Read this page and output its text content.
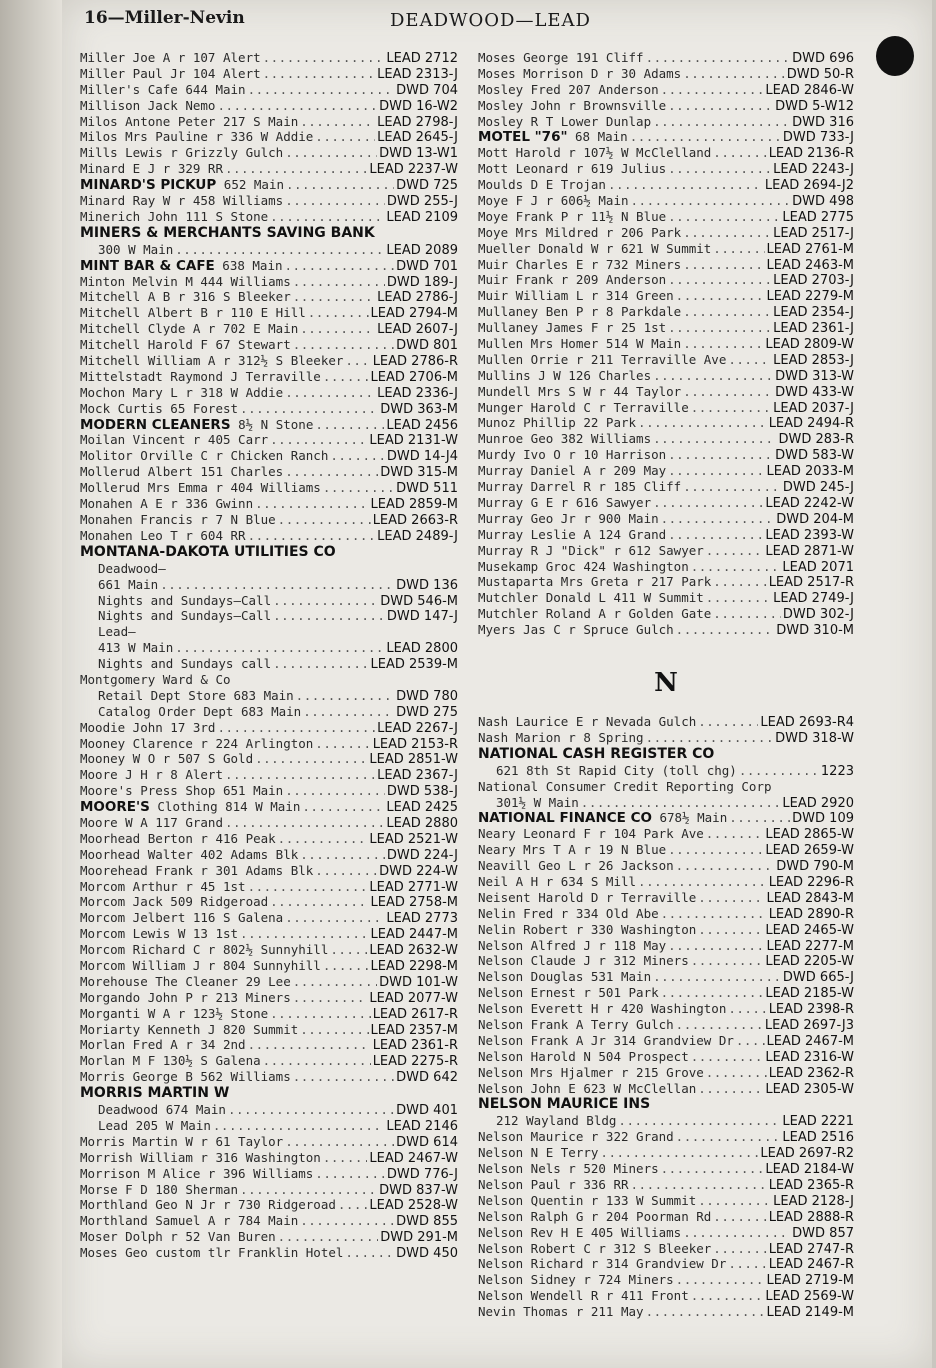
16—Miller-Nevin	DEADWOOD—LEAD
Miller Joe A r 107 Alert .....	LEAD 2712
Miller Paul Jr 104 Alert .....	LEAD 2313-J
Miller's Cafe 644 Main .....	DWD 704
Millison Jack Nemo .....	DWD 16-W2
Milos Antone Peter 217 S Main .....	LEAD 2798-J
Milos Mrs Pauline r 336 W Addie .....	LEAD 2645-J
Mills Lewis r Grizzly Gulch .....	DWD 13-W1
Minard E J r 329 RR .....	LEAD 2237-W
MINARD'S PICKUP 652 Main .....	DWD 725
Minard Ray W r 458 Williams .....	DWD 255-J
Minerich John 111 S Stone .....	LEAD 2109
MINERS & MERCHANTS SAVING BANK
300 W Main .....	LEAD 2089
MINT BAR & CAFE 638 Main .....	DWD 701
Minton Melvin M 444 Williams .....	DWD 189-J
Mitchell A B r 316 S Bleeker .....	LEAD 2786-J
Mitchell Albert B r 110 E Hill .....	LEAD 2794-M
Mitchell Clyde A r 702 E Main .....	LEAD 2607-J
Mitchell Harold F 67 Stewart .....	DWD 801
Mitchell William A r 312½ S Bleeker ..... LEAD 2786-R
Mittelstadt Raymond J Terraville .....	LEAD 2706-M
Mochon Mary L r 318 W Addie .....	LEAD 2336-J
Mock Curtis 65 Forest .....	DWD 363-M
MODERN CLEANERS 8½ N Stone .....	LEAD 2456
Moilan Vincent r 405 Carr .....	LEAD 2131-W
Molitor Orville C r Chicken Ranch .....	DWD 14-J4
Mollerud Albert 151 Charles .....	DWD 315-M
Mollerud Mrs Emma r 404 Williams .....	DWD 511
Monahen A E r 336 Gwinn .....	LEAD 2859-M
Monahen Francis r 7 N Blue .....	LEAD 2663-R
Monahen Leo T r 604 RR .....	LEAD 2489-J
MONTANA-DAKOTA UTILITIES CO
Deadwood—
661 Main .....	DWD 136
Nights and Sundays—Call .....	DWD 546-M
Nights and Sundays—Call .....	DWD 147-J
Lead—
413 W Main .....	LEAD 2800
Nights and Sundays call .....	LEAD 2539-M
Montgomery Ward & Co
Retail Dept Store 683 Main .....	DWD 780
Catalog Order Dept 683 Main .....	DWD 275
Moodie John 17 3rd .....	LEAD 2267-J
Mooney Clarence r 224 Arlington .....	LEAD 2153-R
Mooney W O r 507 S Gold .....	LEAD 2851-W
Moore J H r 8 Alert .....	LEAD 2367-J
Moore's Press Shop 651 Main .....	DWD 538-J
MOORE'S Clothing 814 W Main .....	LEAD 2425
Moore W A 117 Grand .....	LEAD 2880
Moorhead Berton r 416 Peak .....	LEAD 2521-W
Moorhead Walter 402 Adams Blk .....	DWD 224-J
Moorehead Frank r 301 Adams Blk .....	DWD 224-W
Morcom Arthur r 45 1st .....	LEAD 2771-W
Morcom Jack 509 Ridgeroad .....	LEAD 2758-M
Morcom Jelbert 116 S Galena .....	LEAD 2773
Morcom Lewis W 13 1st .....	LEAD 2447-M
Morcom Richard C r 802½ Sunnyhill .....	LEAD 2632-W
Morcom William J r 804 Sunnyhill .....	LEAD 2298-M
Morehouse The Cleaner 29 Lee .....	DWD 101-W
Morgando John P r 213 Miners .....	LEAD 2077-W
Morganti W A r 123½ Stone .....	LEAD 2617-R
Moriarty Kenneth J 820 Summit .....	LEAD 2357-M
Morlan Fred A r 34 2nd .....	LEAD 2361-R
Morlan M F 130½ S Galena .....	LEAD 2275-R
Morris George B 562 Williams .....	DWD 642
MORRIS MARTIN W
Deadwood 674 Main .....	DWD 401
Lead 205 W Main .....	LEAD 2146
Morris Martin W r 61 Taylor .....	DWD 614
Morrish William r 316 Washington .....	LEAD 2467-W
Morrison M Alice r 396 Williams .....	DWD 776-J
Morse F D 180 Sherman .....	DWD 837-W
Morthland Geo N Jr r 730 Ridgeroad .....	LEAD 2528-W
Morthland Samuel A r 784 Main .....	DWD 855
Moser Dolph r 52 Van Buren .....	DWD 291-M
Moses Geo custom tlr Franklin Hotel .....	DWD 450
Moses George 191 Cliff .....	DWD 696
Moses Morrison D r 30 Adams .....	DWD 50-R
Mosley Fred 207 Anderson .....	LEAD 2846-W
Mosley John r Brownsville .....	DWD 5-W12
Mosley R T Lower Dunlap .....	DWD 316
MOTEL "76" 68 Main .....	DWD 733-J
Mott Harold r 107½ W McClelland .....	LEAD 2136-R
Mott Leonard r 619 Julius .....	LEAD 2243-J
Moulds D E Trojan .....	LEAD 2694-J2
Moye F J r 606½ Main .....	DWD 498
Moye Frank P r 11½ N Blue .....	LEAD 2775
Moye Mrs Mildred r 206 Park .....	LEAD 2517-J
Mueller Donald W r 621 W Summit .....	LEAD 2761-M
Muir Charles E r 732 Miners .....	LEAD 2463-M
Muir Frank r 209 Anderson .....	LEAD 2703-J
Muir William L r 314 Green .....	LEAD 2279-M
Mullaney Ben P r 8 Parkdale .....	LEAD 2354-J
Mullaney James F r 25 1st .....	LEAD 2361-J
Mullen Mrs Homer 514 W Main .....	LEAD 2809-W
Mullen Orrie r 211 Terraville Ave .....	LEAD 2853-J
Mullins J W 126 Charles .....	DWD 313-W
Mundell Mrs S W r 44 Taylor .....	DWD 433-W
Munger Harold C r Terraville .....	LEAD 2037-J
Munoz Phillip 22 Park .....	LEAD 2494-R
Munroe Geo 382 Williams .....	DWD 283-R
Murdy Ivo O r 10 Harrison .....	DWD 583-W
Murray Daniel A r 209 May .....	LEAD 2033-M
Murray Darrel R r 185 Cliff .....	DWD 245-J
Murray G E r 616 Sawyer .....	LEAD 2242-W
Murray Geo Jr r 900 Main .....	DWD 204-M
Murray Leslie A 124 Grand .....	LEAD 2393-W
Murray R J "Dick" r 612 Sawyer .....	LEAD 2871-W
Musekamp Groc 424 Washington .....	LEAD 2071
Mustaparta Mrs Greta r 217 Park .....	LEAD 2517-R
Mutchler Donald L 411 W Summit .....	LEAD 2749-J
Mutchler Roland A r Golden Gate .....	DWD 302-J
Myers Jas C r Spruce Gulch .....	DWD 310-M
N
Nash Laurice E r Nevada Gulch .....	LEAD 2693-R4
Nash Marion r 8 Spring .....	DWD 318-W
NATIONAL CASH REGISTER CO
621 8th St Rapid City (toll chg) .....	1223
National Consumer Credit Reporting Corp
301½ W Main .....	LEAD 2920
NATIONAL FINANCE CO 678½ Main .....	DWD 109
Neary Leonard F r 104 Park Ave .....	LEAD 2865-W
Neary Mrs T A r 19 N Blue .....	LEAD 2659-W
Neavill Geo L r 26 Jackson .....	DWD 790-M
Neil A H r 634 S Mill .....	LEAD 2296-R
Neisent Harold D r Terraville .....	LEAD 2843-M
Nelin Fred r 334 Old Abe .....	LEAD 2890-R
Nelin Robert r 330 Washington .....	LEAD 2465-W
Nelson Alfred J r 118 May .....	LEAD 2277-M
Nelson Claude J r 312 Miners .....	LEAD 2205-W
Nelson Douglas 531 Main .....	DWD 665-J
Nelson Ernest r 501 Park .....	LEAD 2185-W
Nelson Everett H r 420 Washington .....	LEAD 2398-R
Nelson Frank A Terry Gulch .....	LEAD 2697-J3
Nelson Frank A Jr 314 Grandview Dr .....	LEAD 2467-M
Nelson Harold N 504 Prospect .....	LEAD 2316-W
Nelson Mrs Hjalmer r 215 Grove .....	LEAD 2362-R
Nelson John E 623 W McClellan .....	LEAD 2305-W
NELSON MAURICE INS
212 Wayland Bldg .....	LEAD 2221
Nelson Maurice r 322 Grand .....	LEAD 2516
Nelson N E Terry .....	LEAD 2697-R2
Nelson Nels r 520 Miners .....	LEAD 2184-W
Nelson Paul r 336 RR .....	LEAD 2365-R
Nelson Quentin r 133 W Summit .....	LEAD 2128-J
Nelson Ralph G r 204 Poorman Rd .....	LEAD 2888-R
Nelson Rev H E 405 Williams .....	DWD 857
Nelson Robert C r 312 S Bleeker .....	LEAD 2747-R
Nelson Richard r 314 Grandview Dr .....	LEAD 2467-R
Nelson Sidney r 724 Miners .....	LEAD 2719-M
Nelson Wendell R r 411 Front .....	LEAD 2569-W
Nevin Thomas r 211 May .....	LEAD 2149-M
